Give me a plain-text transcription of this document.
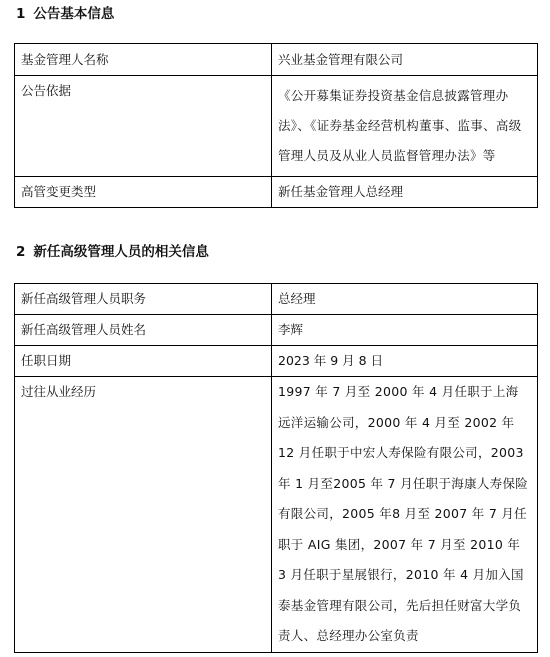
1 公告基本信息
基金管理人名称	兴业基金管理有限公司
公告依据	《公开募集证券投资基金信息披露管理办法》、《证券基金经营机构董事、监事、高级管理人员及从业人员监督管理办法》等
高管变更类型	新任基金管理人总经理
2 新任高级管理人员的相关信息
新任高级管理人员职务	总经理
新任高级管理人员姓名	李辉
任职日期	2023 年 9 月 8 日
过往从业经历	1997 年 7 月至 2000 年 4 月任职于上海远洋运输公司，2000 年 4 月至 2002 年 12 月任职于中宏人寿保险有限公司，2003 年 1 月至2005 年 7 月任职于海康人寿保险有限公司，2005 年8 月至 2007 年 7 月任职于 AIG 集团，2007 年 7 月至 2010 年 3 月任职于星展银行，2010 年 4 月加入国泰基金管理有限公司，先后担任财富大学负责人、总经理办公室负责
